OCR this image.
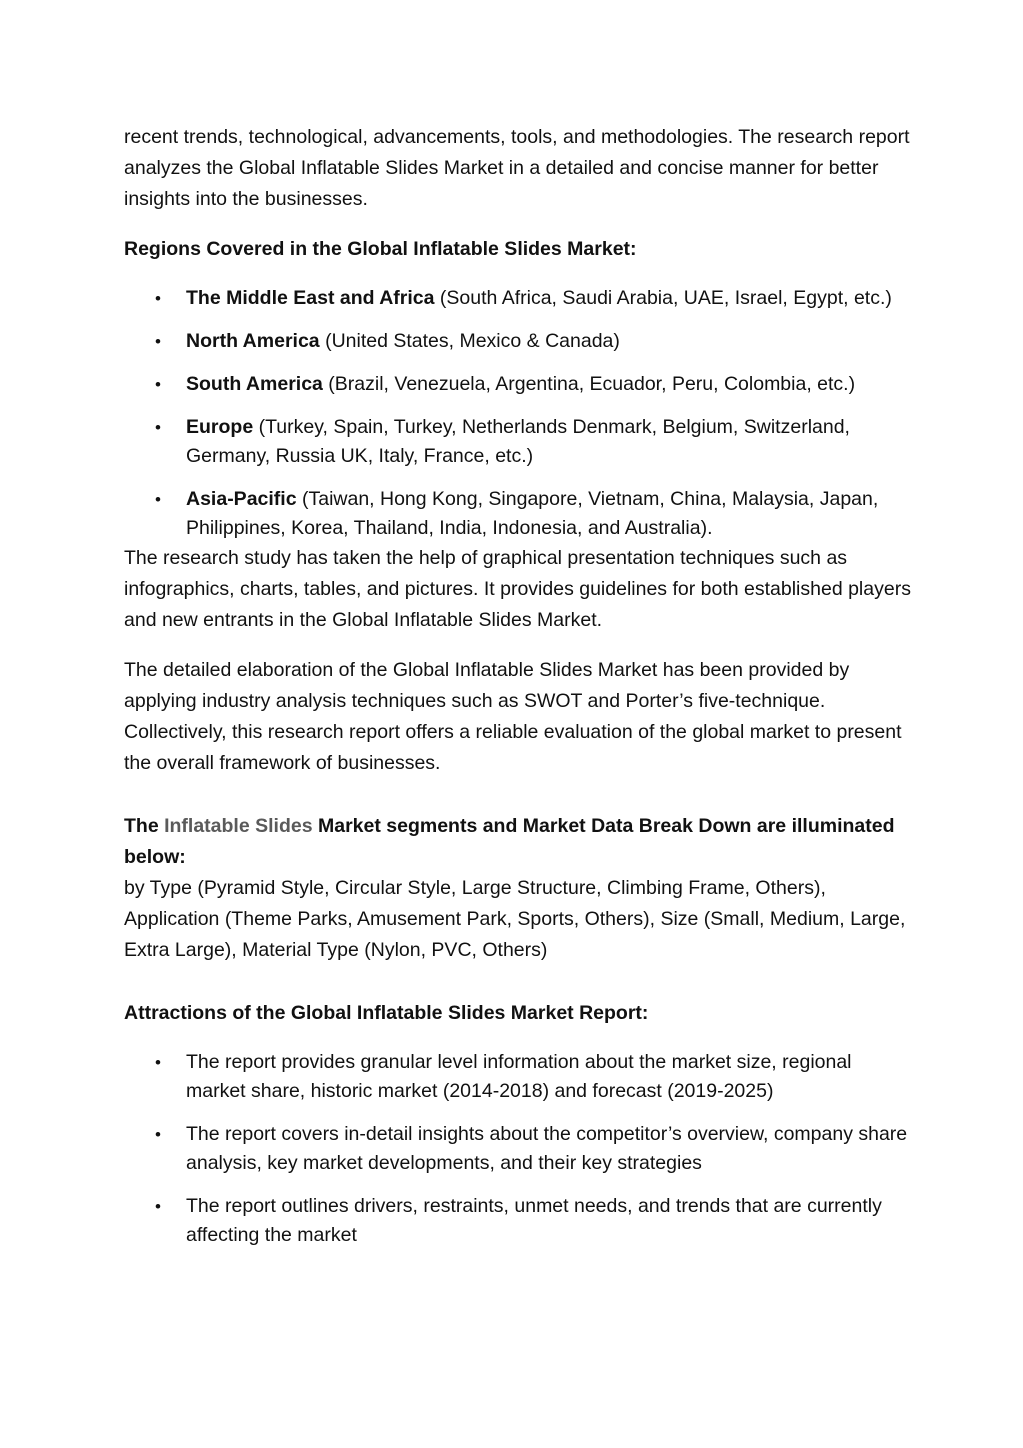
recent trends, technological, advancements, tools, and methodologies. The research report analyzes the Global Inflatable Slides Market in a detailed and concise manner for better insights into the businesses.

Regions Covered in the Global Inflatable Slides Market:

• The Middle East and Africa (South Africa, Saudi Arabia, UAE, Israel, Egypt, etc.)
• North America (United States, Mexico & Canada)
• South America (Brazil, Venezuela, Argentina, Ecuador, Peru, Colombia, etc.)
• Europe (Turkey, Spain, Turkey, Netherlands Denmark, Belgium, Switzerland, Germany, Russia UK, Italy, France, etc.)
• Asia-Pacific (Taiwan, Hong Kong, Singapore, Vietnam, China, Malaysia, Japan, Philippines, Korea, Thailand, India, Indonesia, and Australia).

The research study has taken the help of graphical presentation techniques such as infographics, charts, tables, and pictures. It provides guidelines for both established players and new entrants in the Global Inflatable Slides Market.

The detailed elaboration of the Global Inflatable Slides Market has been provided by applying industry analysis techniques such as SWOT and Porter’s five-technique. Collectively, this research report offers a reliable evaluation of the global market to present the overall framework of businesses.

The Inflatable Slides Market segments and Market Data Break Down are illuminated below:

by Type (Pyramid Style, Circular Style, Large Structure, Climbing Frame, Others), Application (Theme Parks, Amusement Park, Sports, Others), Size (Small, Medium, Large, Extra Large), Material Type (Nylon, PVC, Others)

Attractions of the Global Inflatable Slides Market Report:

• The report provides granular level information about the market size, regional market share, historic market (2014-2018) and forecast (2019-2025)
• The report covers in-detail insights about the competitor’s overview, company share analysis, key market developments, and their key strategies
• The report outlines drivers, restraints, unmet needs, and trends that are currently affecting the market
